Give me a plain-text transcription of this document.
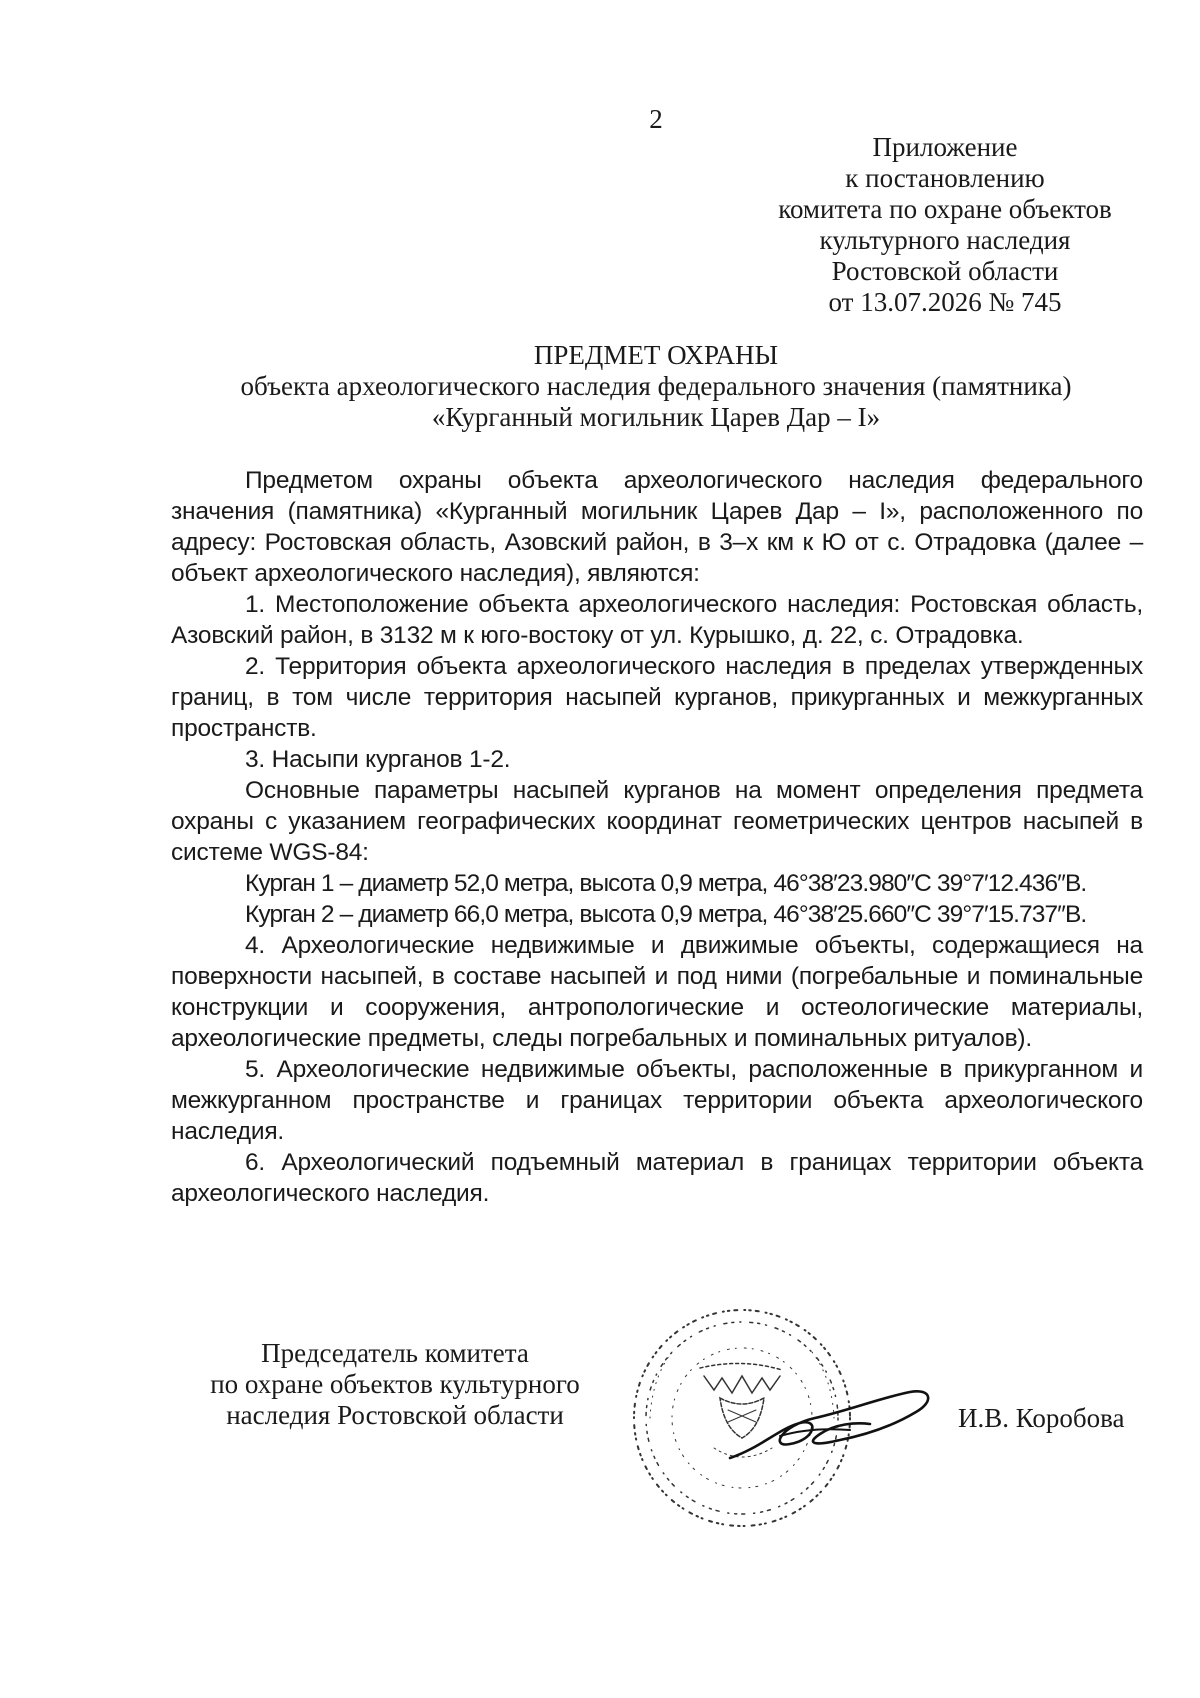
2
Приложение
к постановлению
комитета по охране объектов
культурного наследия
Ростовской области
от 13.07.2026 № 745
ПРЕДМЕТ ОХРАНЫ
объекта археологического наследия федерального значения (памятника)
«Курганный могильник Царев Дар – I»

Предметом охраны объекта археологического наследия федерального значения (памятника) «Курганный могильник Царев Дар – I», расположенного по адресу: Ростовская область, Азовский район, в 3–х км к Ю от с. Отрадовка (далее – объект археологического наследия), являются:

1. Местоположение объекта археологического наследия: Ростовская область, Азовский район, в 3132 м к юго-востоку от ул. Курышко, д. 22, с. Отрадовка.

2. Территория объекта археологического наследия в пределах утвержденных границ, в том числе территория насыпей курганов, прикурганных и межкурганных пространств.

3. Насыпи курганов 1-2.

Основные параметры насыпей курганов на момент определения предмета охраны с указанием географических координат геометрических центров насыпей в системе WGS-84:

Курган 1 – диаметр 52,0 метра, высота 0,9 метра, 46°38′23.980″С 39°7′12.436″В.

Курган 2 – диаметр 66,0 метра, высота 0,9 метра, 46°38′25.660″С 39°7′15.737″В.

4. Археологические недвижимые и движимые объекты, содержащиеся на поверхности насыпей, в составе насыпей и под ними (погребальные и поминальные конструкции и сооружения, антропологические и остеологические материалы, археологические предметы, следы погребальных и поминальных ритуалов).

5. Археологические недвижимые объекты, расположенные в прикурганном и межкурганном пространстве и границах территории объекта археологического наследия.

6. Археологический подъемный материал в границах территории объекта археологического наследия.

Председатель комитета
по охране объектов культурного
наследия Ростовской области	И.В. Коробова
